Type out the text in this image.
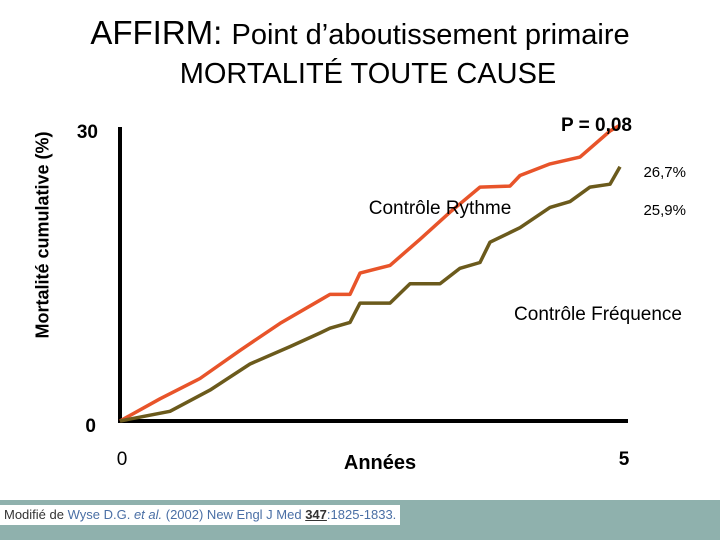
AFFIRM: Point d’aboutissement primaire
MORTALITÉ TOUTE CAUSE
Mortalité cumulative (%) 30
0
0	5
Années
P = 0,08
Contrôle Rythme
Contrôle Fréquence
26,7%
25,9%
Modifié de Wyse D.G. et al. (2002) New Engl J Med 347:1825-1833.
